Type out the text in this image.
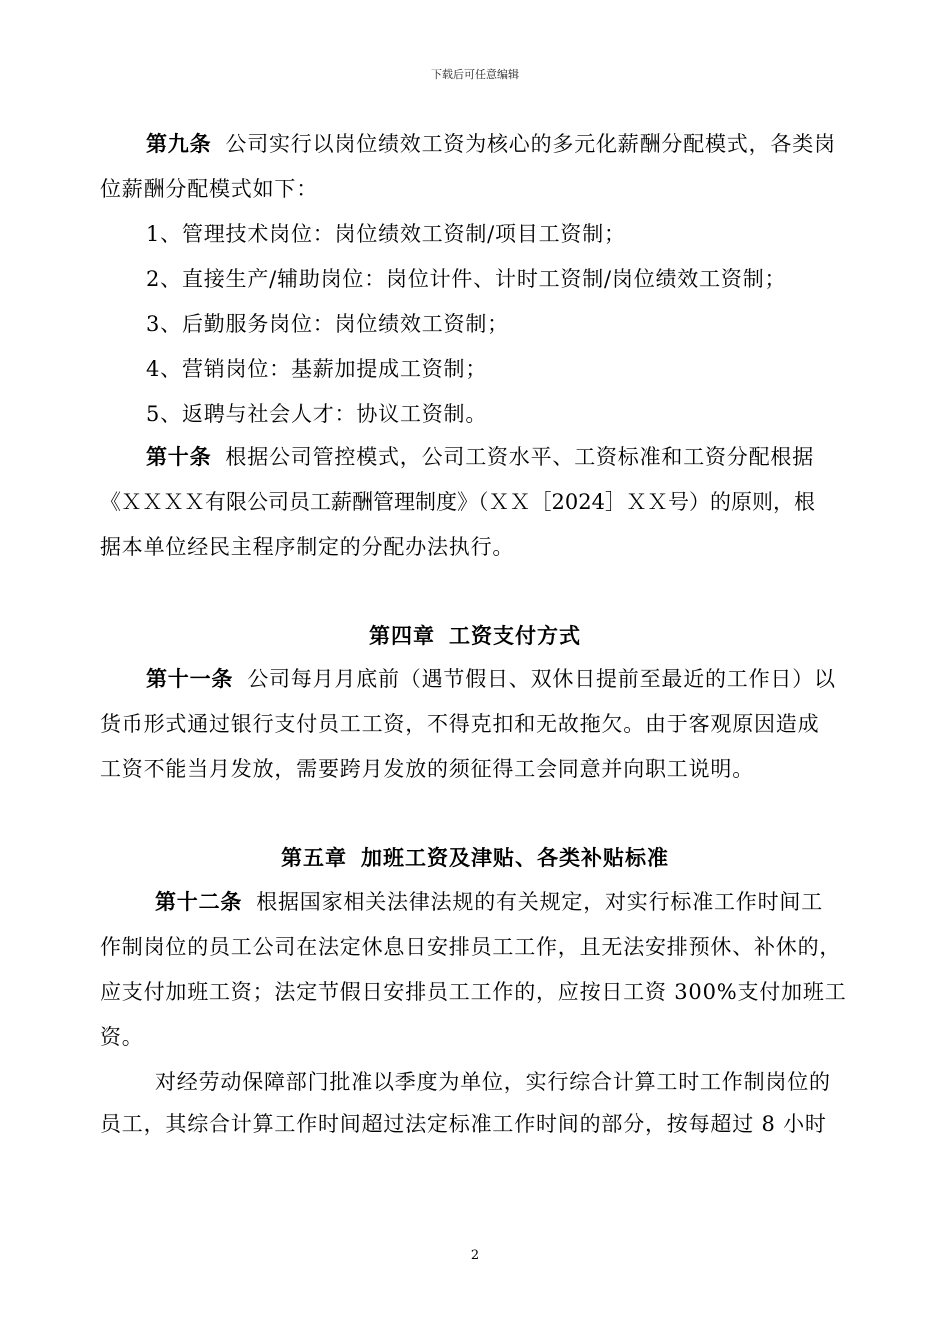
下载后可任意编辑
第九条 公司实行以岗位绩效工资为核心的多元化薪酬分配模式，各类岗
位薪酬分配模式如下：
1、管理技术岗位：岗位绩效工资制/项目工资制；
2、直接生产/辅助岗位：岗位计件、计时工资制/岗位绩效工资制；
3、后勤服务岗位：岗位绩效工资制；
4、营销岗位：基薪加提成工资制；
5、返聘与社会人才：协议工资制。
第十条 根据公司管控模式，公司工资水平、工资标准和工资分配根据
《ＸＸＸＸ有限公司员工薪酬管理制度》（ＸＸ［2024］ＸＸ号）的原则，根
据本单位经民主程序制定的分配办法执行。
第四章 工资支付方式
第十一条 公司每月月底前（遇节假日、双休日提前至最近的工作日）以
货币形式通过银行支付员工工资，不得克扣和无故拖欠。由于客观原因造成
工资不能当月发放，需要跨月发放的须征得工会同意并向职工说明。
第五章 加班工资及津贴、各类补贴标准
第十二条 根据国家相关法律法规的有关规定，对实行标准工作时间工
作制岗位的员工公司在法定休息日安排员工工作，且无法安排预休、补休的，
应支付加班工资；法定节假日安排员工工作的，应按日工资 300%支付加班工
资。
对经劳动保障部门批准以季度为单位，实行综合计算工时工作制岗位的
员工，其综合计算工作时间超过法定标准工作时间的部分，按每超过 8 小时
2
